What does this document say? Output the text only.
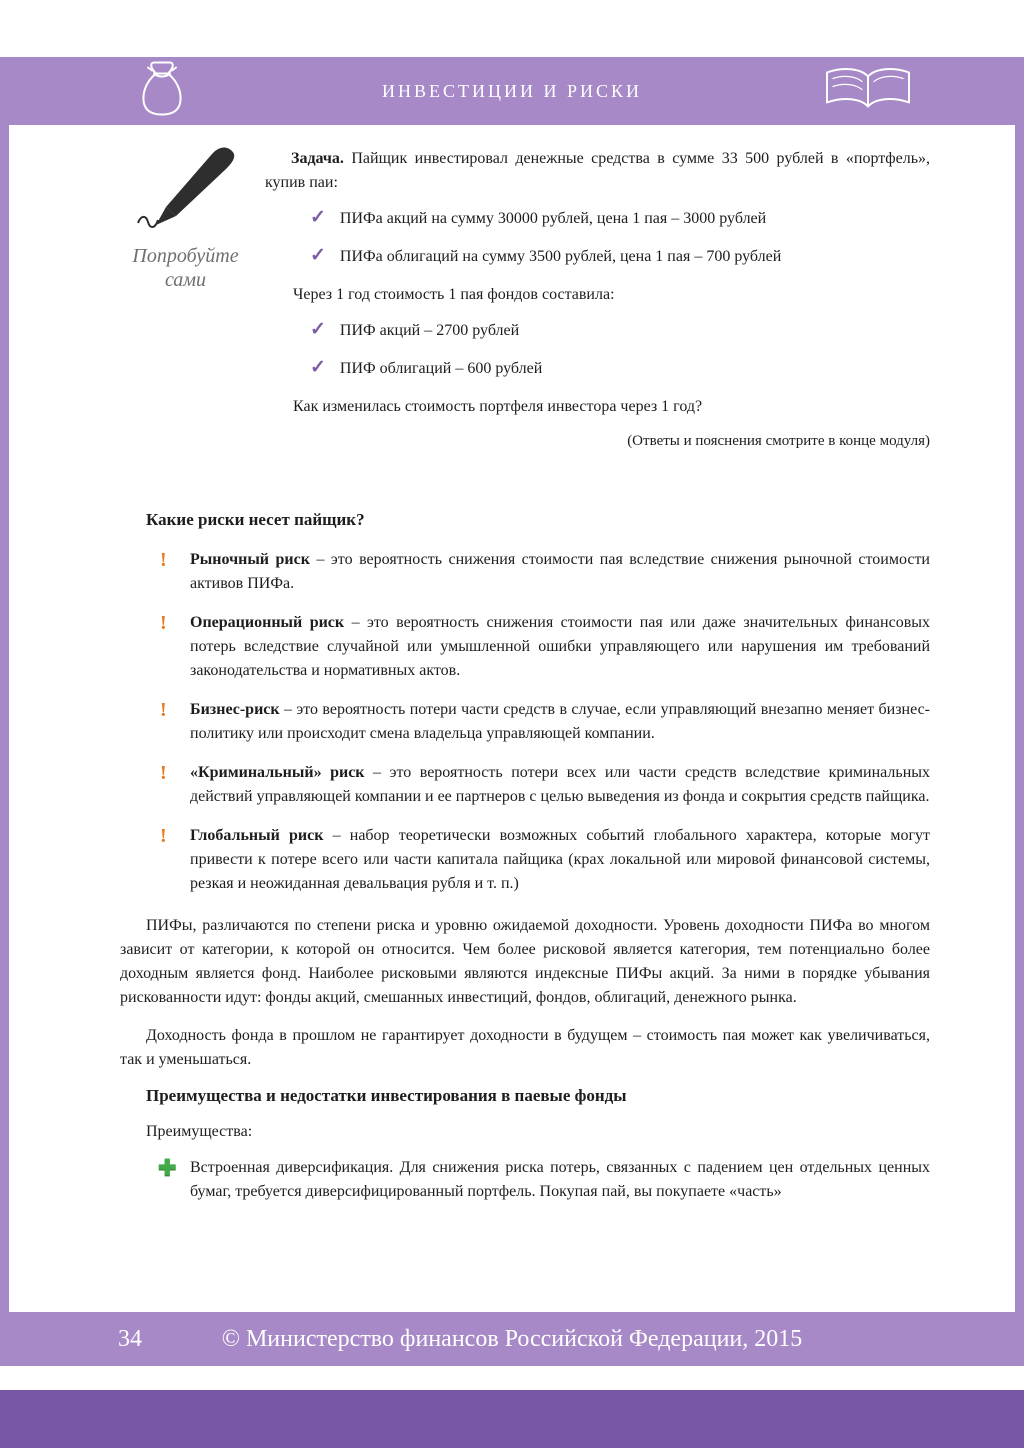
ИНВЕСТИЦИИ И РИСКИ
Попробуйте
сами

Задача. Пайщик инвестировал денежные средства в сумме 33 500 рублей в «портфель», купив паи:

✓ ПИФа акций на сумму 30000 рублей, цена 1 пая – 3000 рублей
✓ ПИФа облигаций на сумму 3500 рублей, цена 1 пая – 700 рублей

Через 1 год стоимость 1 пая фондов составила:

✓ ПИФ акций – 2700 рублей
✓ ПИФ облигаций – 600 рублей

Как изменилась стоимость портфеля инвестора через 1 год?

(Ответы и пояснения смотрите в конце модуля)

Какие риски несет пайщик?
!	Рыночный риск – это вероятность снижения стоимости пая вследствие снижения рыночной стоимости активов ПИФа.

!	Операционный риск – это вероятность снижения стоимости пая или даже значительных финансовых потерь вследствие случайной или умышленной ошибки управляющего или нарушения им требований законодательства и нормативных актов.

!	Бизнес-риск – это вероятность потери части средств в случае, если управляющий внезапно меняет бизнес-политику или происходит смена владельца управляющей компании.

!	«Криминальный» риск – это вероятность потери всех или части средств вследствие криминальных действий управляющей компании и ее партнеров с целью выведения из фонда и сокрытия средств пайщика.

!	Глобальный риск – набор теоретически возможных событий глобального характера, которые могут привести к потере всего или части капитала пайщика (крах локальной или мировой финансовой системы, резкая и неожиданная девальвация рубля и т. п.)

ПИФы, различаются по степени риска и уровню ожидаемой доходности. Уровень доходности ПИФа во многом зависит от категории, к которой он относится. Чем более рисковой является категория, тем потенциально более доходным является фонд. Наиболее рисковыми являются индексные ПИФы акций. За ними в порядке убывания рискованности идут: фонды акций, смешанных инвестиций, фондов, облигаций, денежного рынка.

Доходность фонда в прошлом не гарантирует доходности в будущем – стоимость пая может как увеличиваться, так и уменьшаться.

Преимущества и недостатки инвестирования в паевые фонды

Преимущества:

✚ Встроенная диверсификация. Для снижения риска потерь, связанных с падением цен отдельных ценных бумаг, требуется диверсифицированный портфель. Покупая пай, вы покупаете «часть»

34	© Министерство финансов Российской Федерации, 2015
